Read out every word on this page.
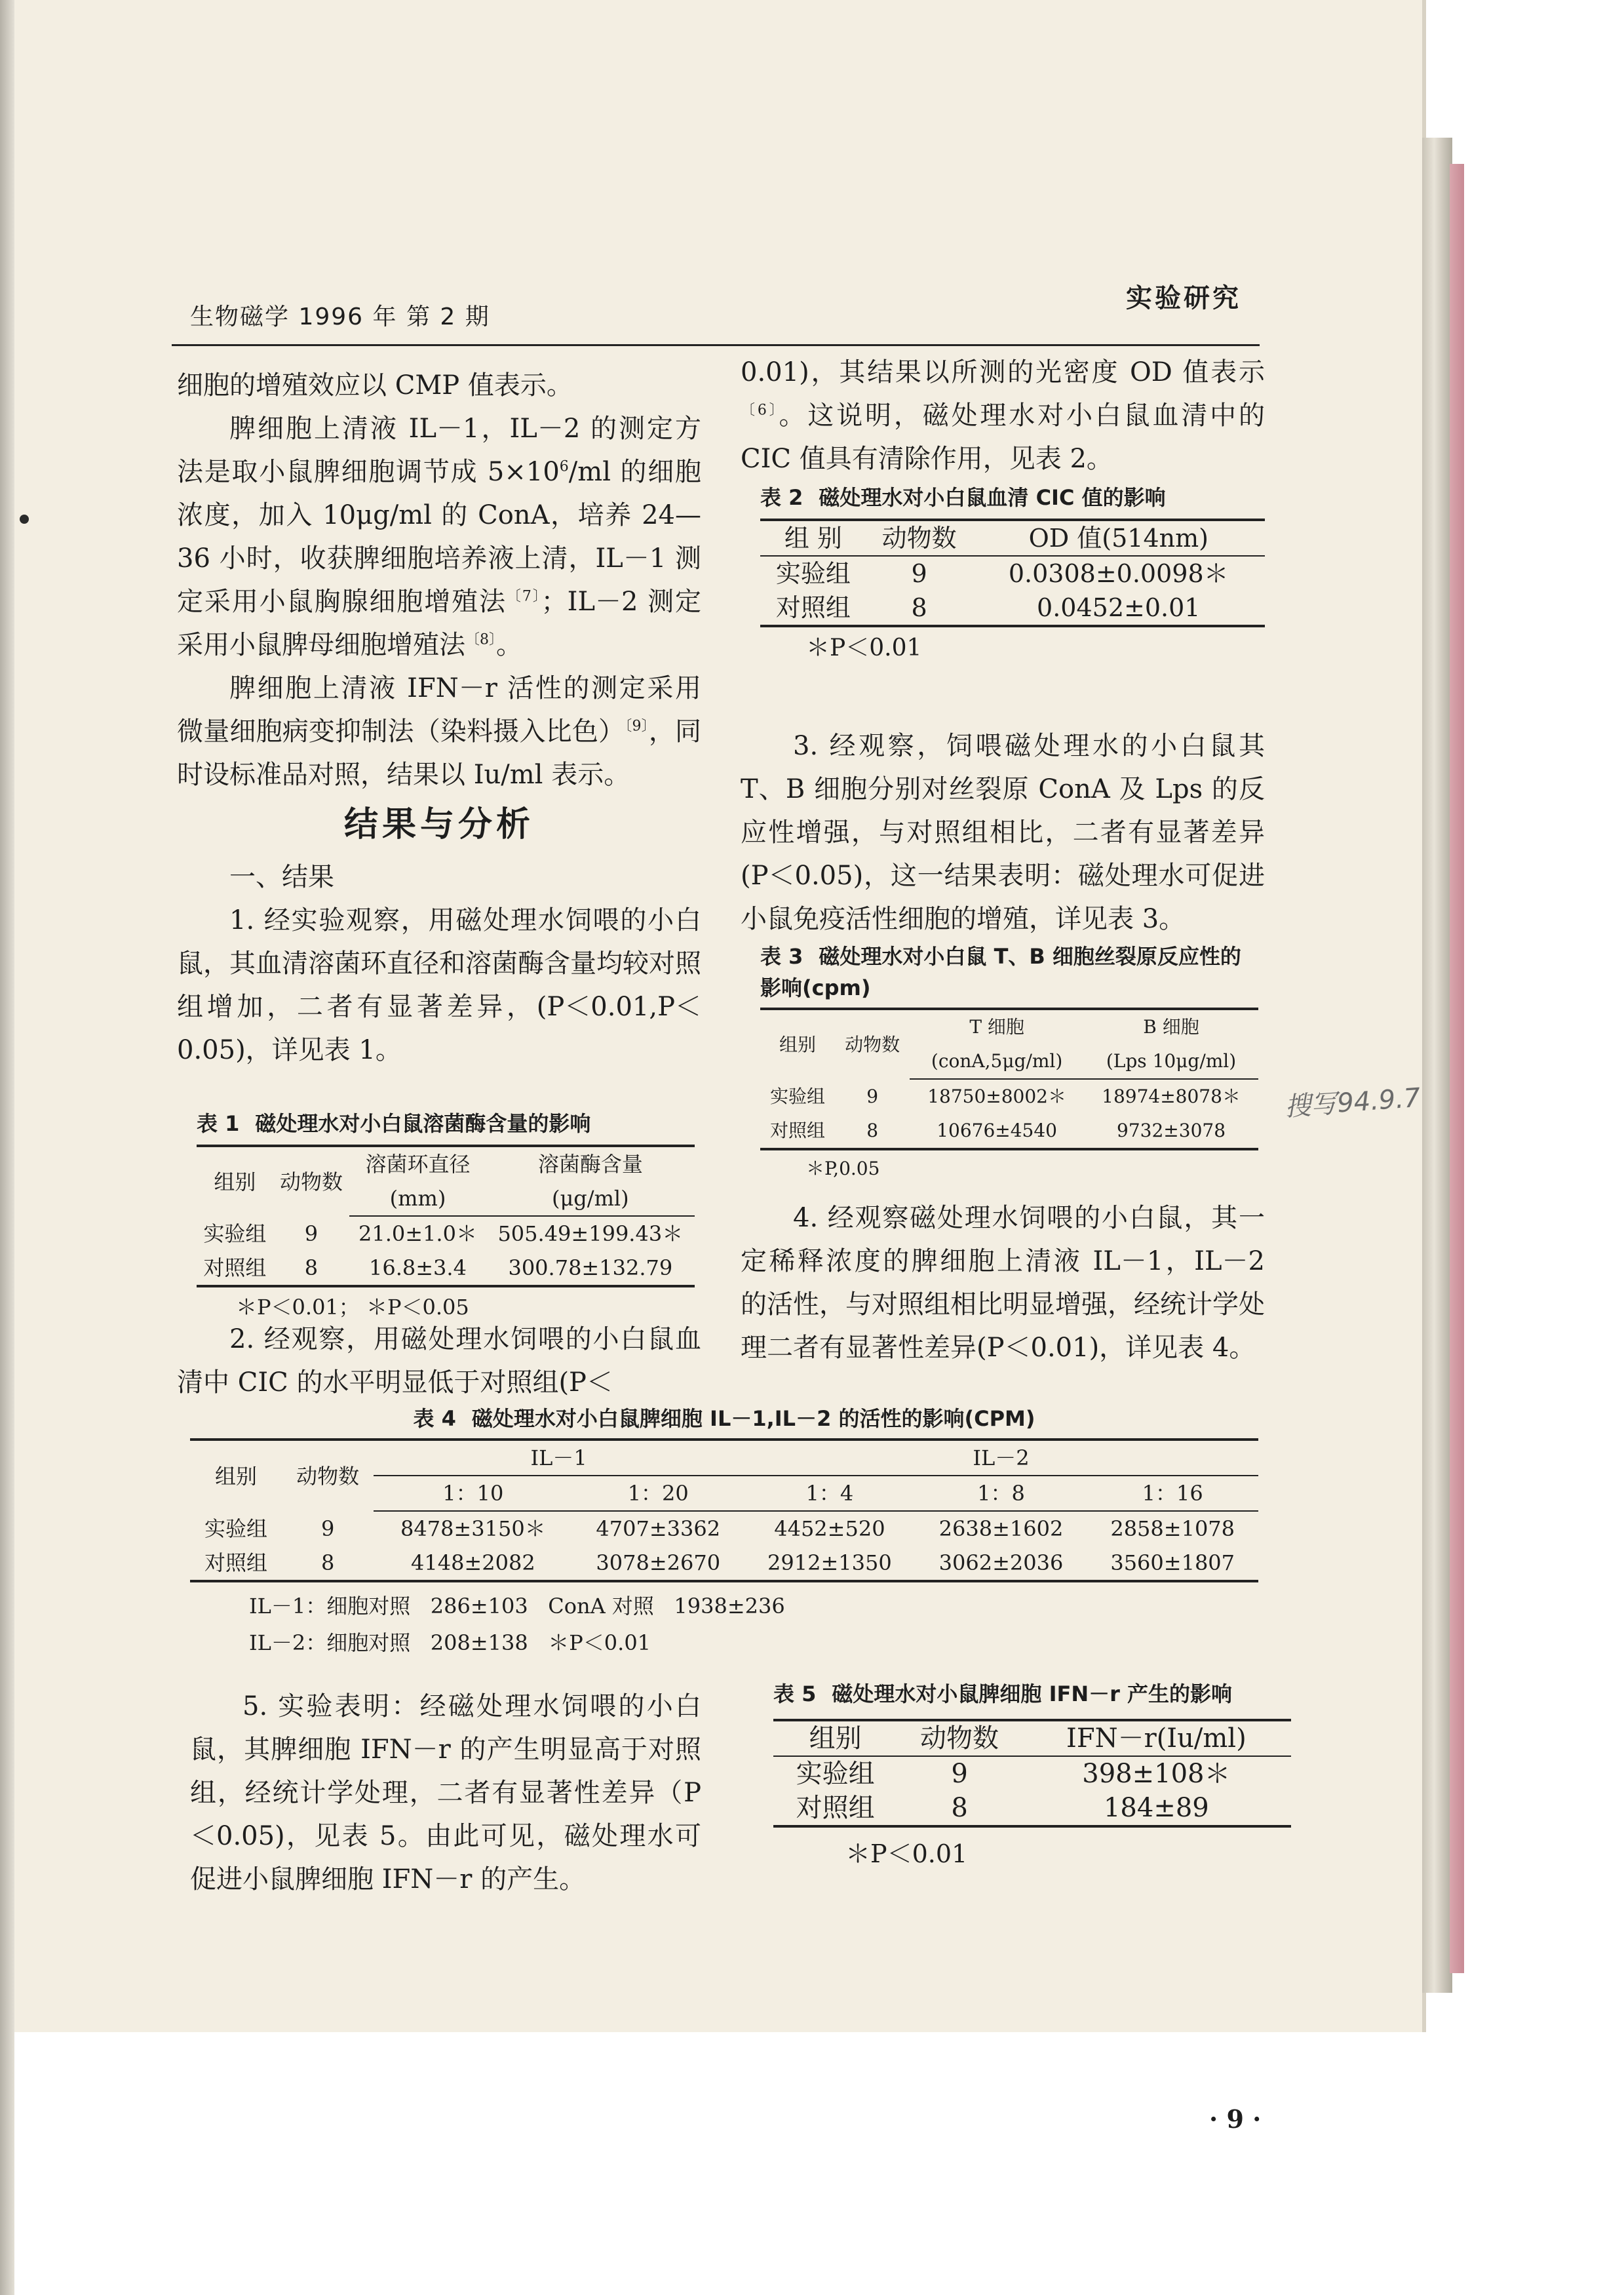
生物磁学 1996 年 第 2 期
实验研究

细胞的增殖效应以 CMP 值表示。

脾细胞上清液 IL－1，IL－2 的测定方法是取小鼠脾细胞调节成 $5\times 10^6/ml$ 的细胞浓度，加入 10μg/ml 的 ConA，培养 24—36 小时，收获脾细胞培养液上清，IL－1 测定采用小鼠胸腺细胞增殖法$^{〔7〕}$；IL－2 测定采用小鼠脾母细胞增殖法$^{〔8〕}$。

脾细胞上清液 IFN－r 活性的测定采用微量细胞病变抑制法（染料摄入比色）$^{〔9〕}$，同时设标准品对照，结果以 Iu/ml 表示。

结果与分析

一、结果

1. 经实验观察，用磁处理水饲喂的小白鼠，其血清溶菌环直径和溶菌酶含量均较对照组增加，二者有显著差异，(P＜0.01,P＜0.05)，详见表 1。

表 1 磁处理水对小白鼠溶菌酶含量的影响
组别	动物数	溶菌环直径	溶菌酶含量
		(mm)	(μg/ml)
实验组	9	21.0±1.0＊	505.49±199.43＊
对照组	8	16.8±3.4	300.78±132.79
＊P＜0.01； ＊P＜0.05

2. 经观察，用磁处理水饲喂的小白鼠血清中 CIC 的水平明显低于对照组(P＜

0.01)，其结果以所测的光密度 OD 值表示$^{〔6〕}$。这说明，磁处理水对小白鼠血清中的 CIC 值具有清除作用，见表 2。

表 2 磁处理水对小白鼠血清 CIC 值的影响
组 别	动物数	OD 值(514nm)
实验组	9	0.0308±0.0098＊
对照组	8	0.0452±0.01
＊P＜0.01

3. 经观察，饲喂磁处理水的小白鼠其 T、B 细胞分别对丝裂原 ConA 及 Lps 的反应性增强，与对照组相比，二者有显著差异(P＜0.05)，这一结果表明：磁处理水可促进小鼠免疫活性细胞的增殖，详见表 3。

表 3 磁处理水对小白鼠 T、B 细胞丝裂原反应性的影响(cpm)
组别	动物数	T 细胞	B 细胞
		(conA,5μg/ml)	(Lps 10μg/ml)
实验组	9	18750±8002＊	18974±8078＊
对照组	8	10676±4540	9732±3078
＊P,0.05
搜写94.9.7

4. 经观察磁处理水饲喂的小白鼠，其一定稀释浓度的脾细胞上清液 IL－1，IL－2 的活性，与对照组相比明显增强，经统计学处理二者有显著性差异(P＜0.01)，详见表 4。

表 4 磁处理水对小白鼠脾细胞 IL－1,IL－2 的活性的影响(CPM)
组别	动物数	IL－1		IL－2		
		1：10	1：20	1：4	1：8	1：16
实验组	9	8478±3150＊	4707±3362	4452±520	2638±1602	2858±1078
对照组	8	4148±2082	3078±2670	2912±1350	3062±2036	3560±1807
IL－1：细胞对照   286±103   ConA 对照   1938±236
IL－2：细胞对照   208±138   ＊P＜0.01

5. 实验表明：经磁处理水饲喂的小白鼠，其脾细胞 IFN－r 的产生明显高于对照组，经统计学处理，二者有显著性差异（P＜0.05)，见表 5。由此可见，磁处理水可促进小鼠脾细胞 IFN－r 的产生。

表 5 磁处理水对小鼠脾细胞 IFN－r 产生的影响
组别	动物数	IFN－r(Iu/ml)
实验组	9	398±108＊
对照组	8	184±89
＊P＜0.01
· 9 ·
